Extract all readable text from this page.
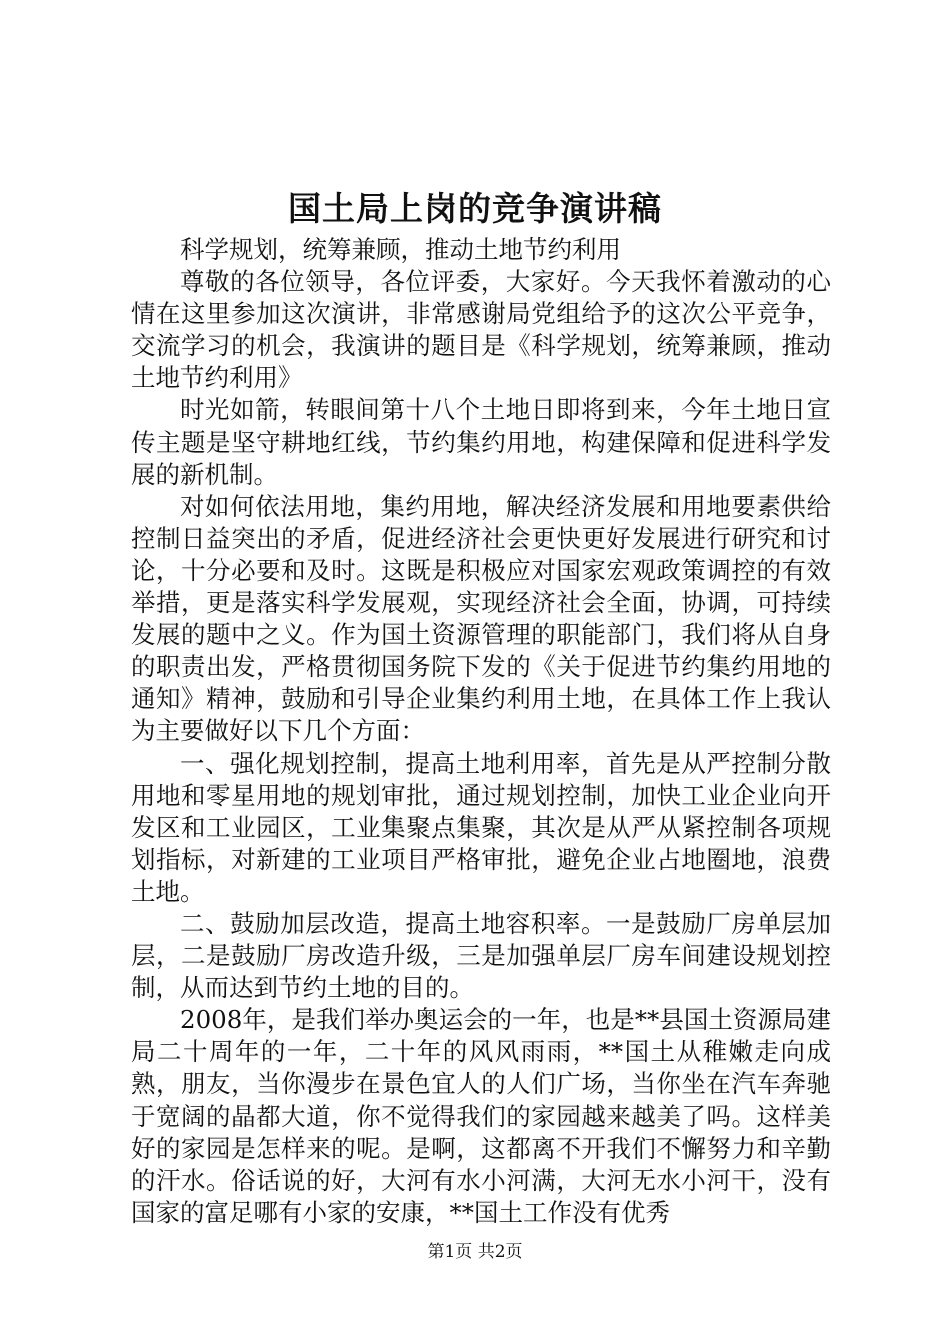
国土局上岗的竞争演讲稿

科学规划，统筹兼顾，推动土地节约利用

尊敬的各位领导，各位评委，大家好。今天我怀着激动的心情在这里参加这次演讲，非常感谢局党组给予的这次公平竞争，交流学习的机会，我演讲的题目是《科学规划，统筹兼顾，推动土地节约利用》

时光如箭，转眼间第十八个土地日即将到来，今年土地日宣传主题是坚守耕地红线，节约集约用地，构建保障和促进科学发展的新机制。

对如何依法用地，集约用地，解决经济发展和用地要素供给控制日益突出的矛盾，促进经济社会更快更好发展进行研究和讨论，十分必要和及时。这既是积极应对国家宏观政策调控的有效举措，更是落实科学发展观，实现经济社会全面，协调，可持续发展的题中之义。作为国土资源管理的职能部门，我们将从自身的职责出发，严格贯彻国务院下发的《关于促进节约集约用地的通知》精神，鼓励和引导企业集约利用土地，在具体工作上我认为主要做好以下几个方面：

一、强化规划控制，提高土地利用率，首先是从严控制分散用地和零星用地的规划审批，通过规划控制，加快工业企业向开发区和工业园区，工业集聚点集聚，其次是从严从紧控制各项规划指标，对新建的工业项目严格审批，避免企业占地圈地，浪费土地。

二、鼓励加层改造，提高土地容积率。一是鼓励厂房单层加层，二是鼓励厂房改造升级，三是加强单层厂房车间建设规划控制，从而达到节约土地的目的。

2008年，是我们举办奥运会的一年，也是**县国土资源局建局二十周年的一年，二十年的风风雨雨，**国土从稚嫩走向成熟，朋友，当你漫步在景色宜人的人们广场，当你坐在汽车奔驰于宽阔的晶都大道，你不觉得我们的家园越来越美了吗。这样美好的家园是怎样来的呢。是啊，这都离不开我们不懈努力和辛勤的汗水。俗话说的好，大河有水小河满，大河无水小河干，没有国家的富足哪有小家的安康，**国土工作没有优秀

第1页 共2页
